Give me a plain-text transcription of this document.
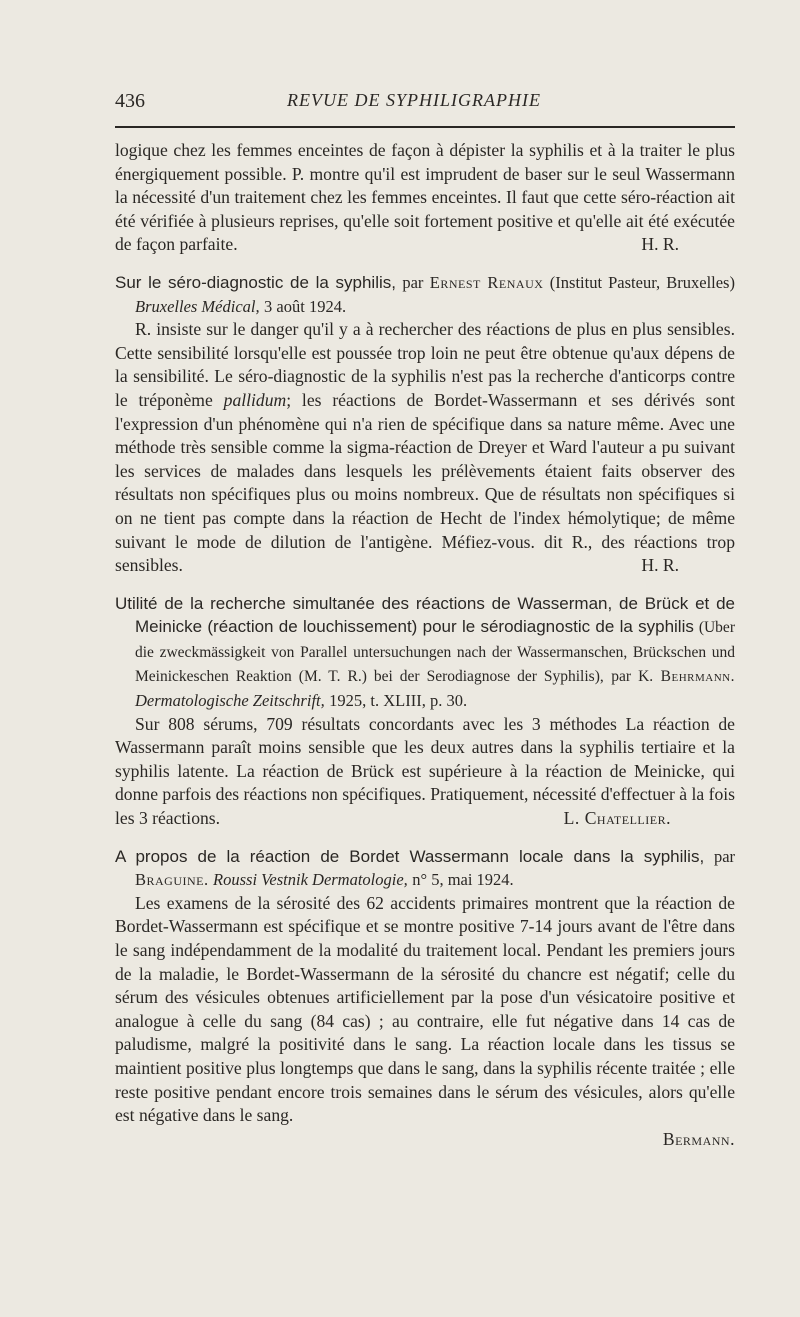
436	REVUE DE SYPHILIGRAPHIE

logique chez les femmes enceintes de façon à dépister la syphilis et à la traiter le plus énergiquement possible. P. montre qu'il est imprudent de baser sur le seul Wassermann la nécessité d'un traitement chez les femmes enceintes. Il faut que cette séro-réaction ait été vérifiée à plusieurs reprises, qu'elle soit fortement positive et qu'elle ait été exécutée de façon parfaite.	H. R.

Sur le séro-diagnostic de la syphilis, par Ernest Renaux (Institut Pasteur, Bruxelles) Bruxelles Médical, 3 août 1924.

R. insiste sur le danger qu'il y a à rechercher des réactions de plus en plus sensibles. Cette sensibilité lorsqu'elle est poussée trop loin ne peut être obtenue qu'aux dépens de la sensibilité. Le séro-diagnostic de la syphilis n'est pas la recherche d'anticorps contre le tréponème pallidum; les réactions de Bordet-Wassermann et ses dérivés sont l'expression d'un phénomène qui n'a rien de spécifique dans sa nature même. Avec une méthode très sensible comme la sigma-réaction de Dreyer et Ward l'auteur a pu suivant les services de malades dans lesquels les prélèvements étaient faits observer des résultats non spécifiques plus ou moins nombreux. Que de résultats non spécifiques si on ne tient pas compte dans la réaction de Hecht de l'index hémolytique; de même suivant le mode de dilution de l'antigène. Méfiez-vous. dit R., des réactions trop sensibles.	H. R.

Utilité de la recherche simultanée des réactions de Wasserman, de Brück et de Meinicke (réaction de louchissement) pour le sérodiagnostic de la syphilis (Uber die zweckmässigkeit von Parallel untersuchungen nach der Wassermanschen, Brückschen und Meinickeschen Reaktion (M. T. R.) bei der Serodiagnose der Syphilis), par K. Behrmann. Dermatologische Zeitschrift, 1925, t. XLIII, p. 30.

Sur 808 sérums, 709 résultats concordants avec les 3 méthodes La réaction de Wassermann paraît moins sensible que les deux autres dans la syphilis tertiaire et la syphilis latente. La réaction de Brück est supérieure à la réaction de Meinicke, qui donne parfois des réactions non spécifiques. Pratiquement, nécessité d'effectuer à la fois les 3 réactions.	L. Chatellier.

A propos de la réaction de Bordet Wassermann locale dans la syphilis, par Braguine. Roussi Vestnik Dermatologie, n° 5, mai 1924.

Les examens de la sérosité des 62 accidents primaires montrent que la réaction de Bordet-Wassermann est spécifique et se montre positive 7-14 jours avant de l'être dans le sang indépendamment de la modalité du traitement local. Pendant les premiers jours de la maladie, le Bordet-Wassermann de la sérosité du chancre est négatif; celle du sérum des vésicules obtenues artificiellement par la pose d'un vésicatoire positive et analogue à celle du sang (84 cas) ; au contraire, elle fut négative dans 14 cas de paludisme, malgré la positivité dans le sang. La réaction locale dans les tissus se maintient positive plus longtemps que dans le sang, dans la syphilis récente traitée ; elle reste positive pendant encore trois semaines dans le sérum des vésicules, alors qu'elle est négative dans le sang.

Bermann.
